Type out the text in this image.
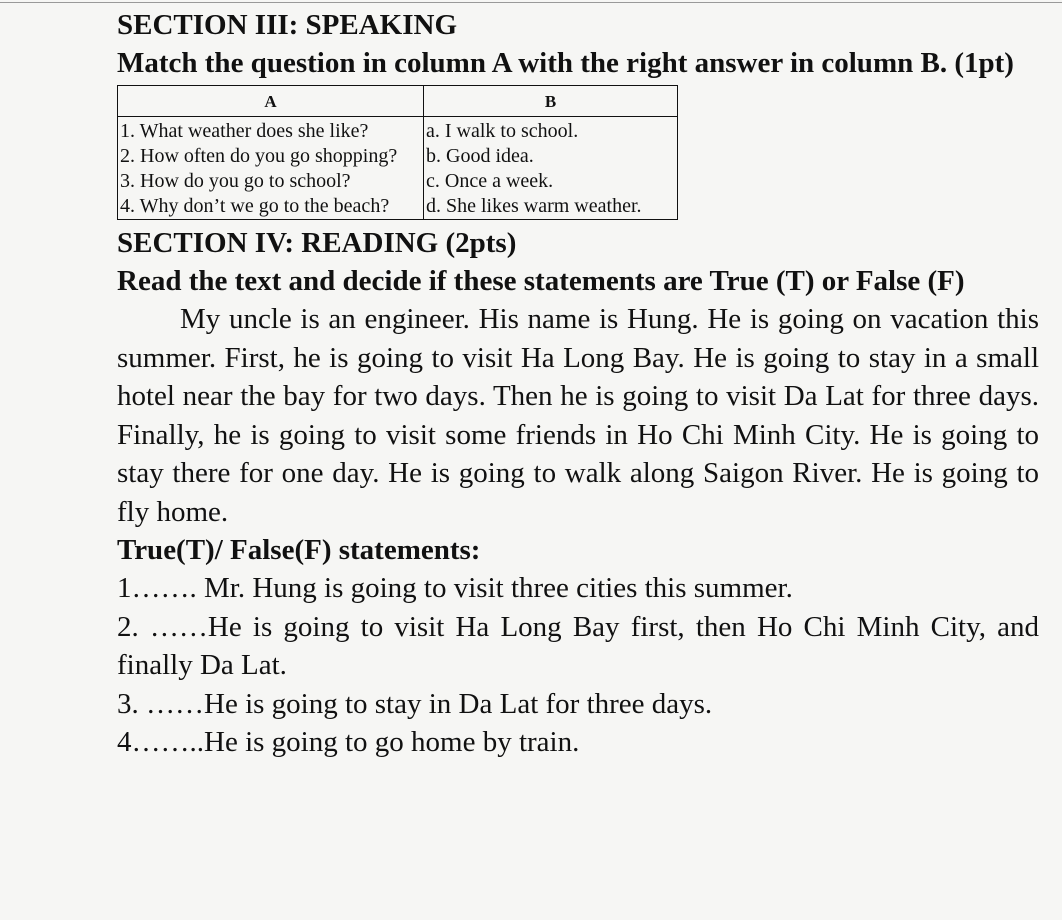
SECTION III: SPEAKING

Match the question in column A with the right answer in column B. (1pt)

A	B
1. What weather does she like?	a. I walk to school.
2. How often do you go shopping?	b. Good idea.
3. How do you go to school?	c. Once a week.
4. Why don’t we go to the beach?	d. She likes warm weather.

SECTION IV: READING (2pts)

Read the text and decide if these statements are True (T) or False (F)

My uncle is an engineer. His name is Hung. He is going on vacation this summer. First, he is going to visit Ha Long Bay. He is going to stay in a small hotel near the bay for two days. Then he is going to visit Da Lat for three days. Finally, he is going to visit some friends in Ho Chi Minh City. He is going to stay there for one day. He is going to walk along Saigon River. He is going to fly home.

True(T)/ False(F) statements:

1……. Mr. Hung is going to visit three cities this summer.

2. ……He is going to visit Ha Long Bay first, then Ho Chi Minh City, and finally Da Lat.

3. ……He is going to stay in Da Lat for three days.

4……..He is going to go home by train.
